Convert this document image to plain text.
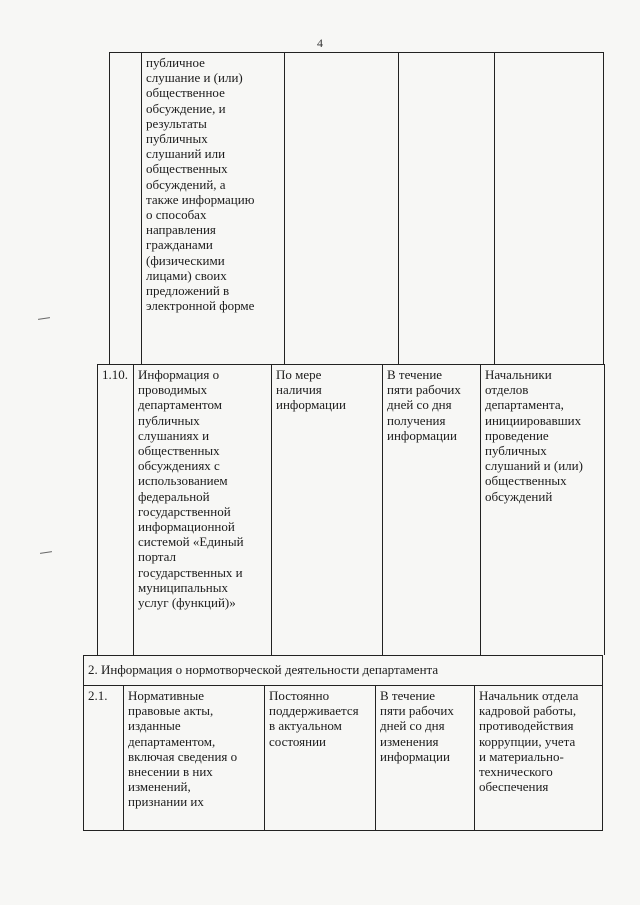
4
публичное
слушание и (или)
общественное
обсуждение, и
результаты
публичных
слушаний или
общественных
обсуждений, а
также информацию
о способах
направления
гражданами
(физическими
лицами) своих
предложений в
электронной форме
1.10. Информация о
проводимых
департаментом
публичных
слушаниях и
общественных
обсуждениях с
использованием
федеральной
государственной
информационной
системой «Единый
портал
государственных и
муниципальных
услуг (функций)»
По мере
наличия
информации
В течение
пяти рабочих
дней со дня
получения
информации
Начальники
отделов
департамента,
инициировавших
проведение
публичных
слушаний и (или)
общественных
обсуждений
2. Информация о нормотворческой деятельности департамента
2.1.	Нормативные
правовые акты,
изданные
департаментом,
включая сведения о
внесении в них
изменений,
признании их
Постоянно
поддерживается
в актуальном
состоянии
В течение
пяти рабочих
дней со дня
изменения
информации
Начальник отдела
кадровой работы,
противодействия
коррупции, учета
и материально-
технического
обеспечения
